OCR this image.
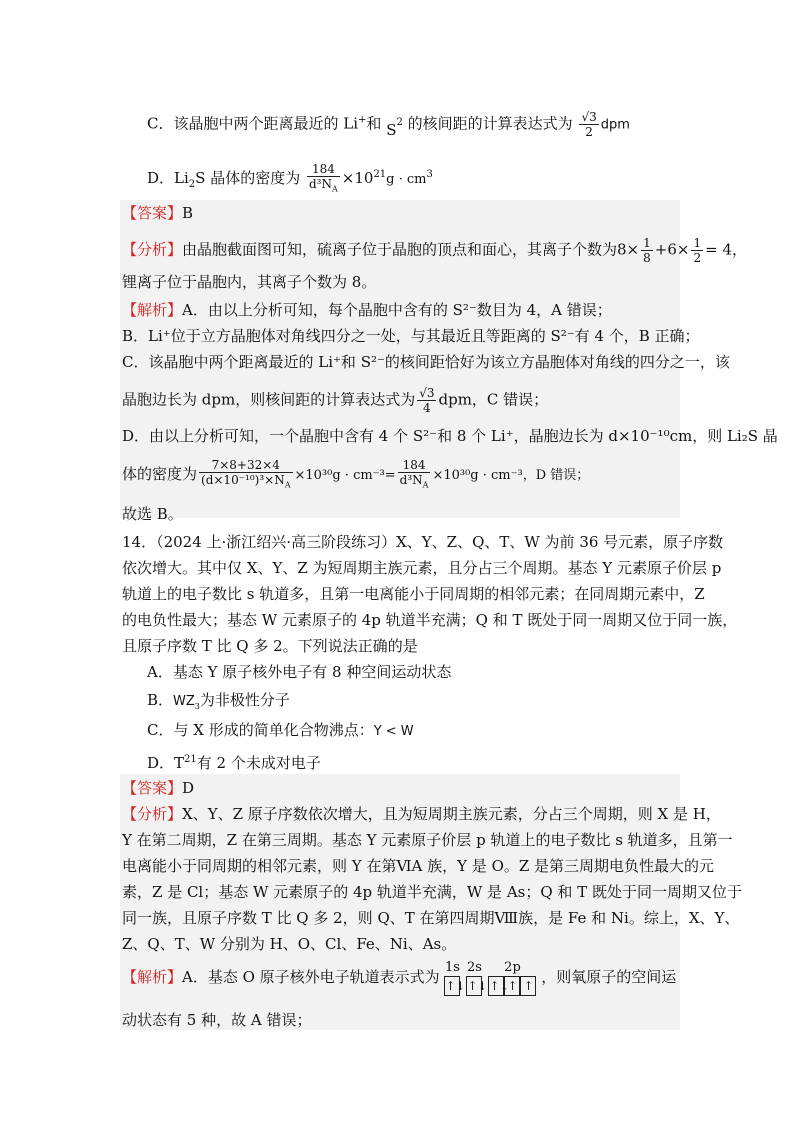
C．该晶胞中两个距离最近的 Li+和 $S^2$ 的核间距的计算表达式为 $\frac{√3}{2}$ dpm
D．$Li_2S$ 晶体的密度为 $\frac{184}{d^3N_A} \times 10^{21}g \cdot cm^3$
【答案】B
【分析】由晶胞截面图可知，硫离子位于晶胞的顶点和面心，其离子个数为$8\times \frac{1}{8} +6\times \frac{1}{2} = 4$，
锂离子位于晶胞内，其离子个数为 8。
【解析】A．由以上分析可知，每个晶胞中含有的 S²⁻数目为 4，A 错误；
B．Li⁺位于立方晶胞体对角线四分之一处，与其最近且等距离的 S²⁻有 4 个，B 正确；
C．该晶胞中两个距离最近的 Li⁺和 S²⁻的核间距恰好为该立方晶胞体对角线的四分之一，该
晶胞边长为 dpm，则核间距的计算表达式为 $\frac{√3}{4}$ dpm，C 错误；
D．由以上分析可知，一个晶胞中含有 4 个 S²⁻和 8 个 Li⁺，晶胞边长为 d×10⁻¹⁰cm，则 Li₂S 晶
体的密度为 $\frac{7\times 8+32\times 4}{(d\times 10^{-10})^3\times N_A} \times 10^{30}g \cdot cm^{-3}= \frac{184}{d^3N_A} \times 10^{30}g \cdot cm^{-3}$，D 错误；
故选 B。
14．（2024 上·浙江绍兴·高三阶段练习）X、Y、Z、Q、T、W 为前 36 号元素，原子序数
依次增大。其中仅 X、Y、Z 为短周期主族元素，且分占三个周期。基态 Y 元素原子价层 p
轨道上的电子数比 s 轨道多，且第一电离能小于同周期的相邻元素；在同周期元素中，Z
的电负性最大；基态 W 元素原子的 4p 轨道半充满；Q 和 T 既处于同一周期又位于同一族，
且原子序数 T 比 Q 多 2。下列说法正确的是
A．基态 Y 原子核外电子有 8 种空间运动状态
B．$WZ_3$为非极性分子
C．与 X 形成的简单化合物沸点：Y < W
D．$T^{21}$有 2 个未成对电子
【答案】D
【分析】X、Y、Z 原子序数依次增大，且为短周期主族元素，分占三个周期，则 X 是 H，
Y 在第二周期，Z 在第三周期。基态 Y 元素原子价层 p 轨道上的电子数比 s 轨道多，且第一
电离能小于同周期的相邻元素，则 Y 在第ⅥA 族，Y 是 O。Z 是第三周期电负性最大的元
素，Z 是 Cl；基态 W 元素原子的 4p 轨道半充满，W 是 As；Q 和 T 既处于同一周期又位于
同一族，且原子序数 T 比 Q 多 2，则 Q、T 在第四周期Ⅷ族，是 Fe 和 Ni。综上，X、Y、
Z、Q、T、W 分别为 H、O、Cl、Fe、Ni、As。
【解析】A．基态 O 原子核外电子轨道表示式为
1s 2s	2p
↑↓ ↑↓ ↑↓
↑ ↑ ，则氧原子的空间运
动状态有 5 种，故 A 错误；
